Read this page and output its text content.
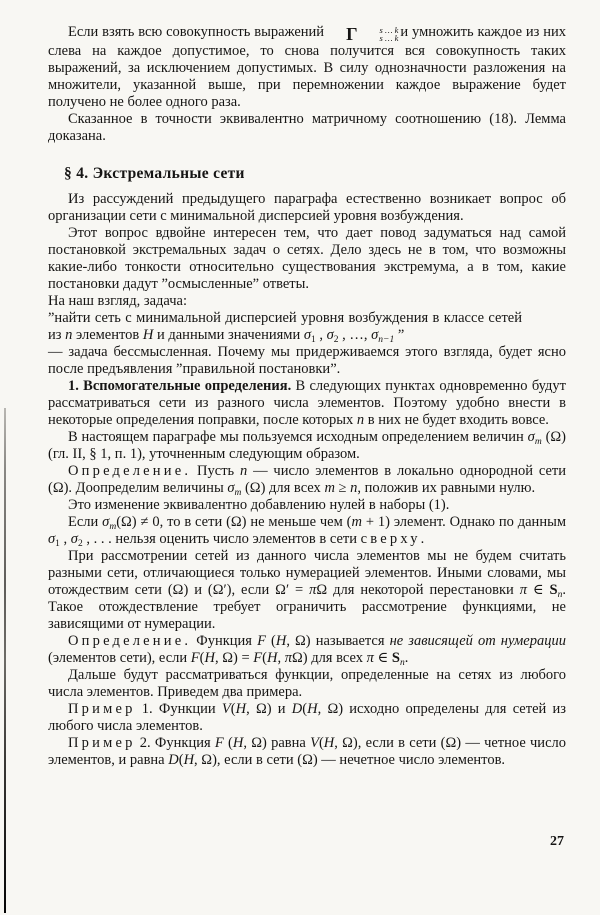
Если взять всю совокупность выражений	Γ	s … k
s … k и умножить каждое из них слева на каждое допустимое, то снова получится вся совокупность таких выражений, за исключением допустимых. В силу однозначности разложения на множители, указанной выше, при перемножении каждое выражение будет получено не более одного раза.

Сказанное в точности эквивалентно матричному соотношению (18). Лемма доказана.

§ 4. Экстремальные сети

Из рассуждений предыдущего параграфа естественно возникает вопрос об организации сети с минимальной дисперсией уровня возбуждения.

Этот вопрос вдвойне интересен тем, что дает повод задуматься над самой постановкой экстремальных задач о сетях. Дело здесь не в том, что возможны какие-либо тонкости относительно существования экстремума, а в том, какие постановки дадут ”осмысленные” ответы.

На наш взгляд, задача:

”найти сеть с минимальной дисперсией уровня возбуждения в классе сетей из n элементов H и данными значениями $\sigma_1$ , $\sigma_2$ , …, $\sigma_{n-1}$ ”

— задача бессмысленная. Почему мы придерживаемся этого взгляда, будет ясно после предъявления ”правильной постановки”.

1. Вспомогательные определения. В следующих пунктах одновременно будут рассматриваться сети из разного числа элементов. Поэтому удобно внести в некоторые определения поправки, после которых n в них не будет входить вовсе.

В настоящем параграфе мы пользуемся исходным определением величин $\sigma_m$ (Ω) (гл. II, § 1, п. 1), уточненным следующим образом.

Определение. Пусть n — число элементов в локально однородной сети (Ω). Доопределим величины $\sigma_m$ (Ω) для всех m ≥ n, положив их равными нулю.

Это изменение эквивалентно добавлению нулей в наборы (1).

Если $\sigma_m(\Omega) \ne 0$, то в сети (Ω) не меньше чем (m + 1) элемент. Однако по данным $\sigma_1$ , $\sigma_2$ , . . . нельзя оценить число элементов в сети сверху.

При рассмотрении сетей из данного числа элементов мы не будем считать разными сети, отличающиеся только нумерацией элементов. Иными словами, мы отождествим сети (Ω) и (Ω′), если Ω′ = πΩ для некоторой перестановки π ∈ $S_n$. Такое отождествление требует ограничить рассмотрение функциями, не зависящими от нумерации.

Определение. Функция F (H, Ω) называется не зависящей от нумерации (элементов сети), если F(H, Ω) = F(H, πΩ) для всех π ∈ $S_n$.

Дальше будут рассматриваться функции, определенные на сетях из любого числа элементов. Приведем два примера.

Пример 1. Функции V(H, Ω) и D(H, Ω) исходно определены для сетей из любого числа элементов.

Пример 2. Функция F (H, Ω) равна V(H, Ω), если в сети (Ω) — четное число элементов, и равна D(H, Ω), если в сети (Ω) — нечетное число элементов.

27
